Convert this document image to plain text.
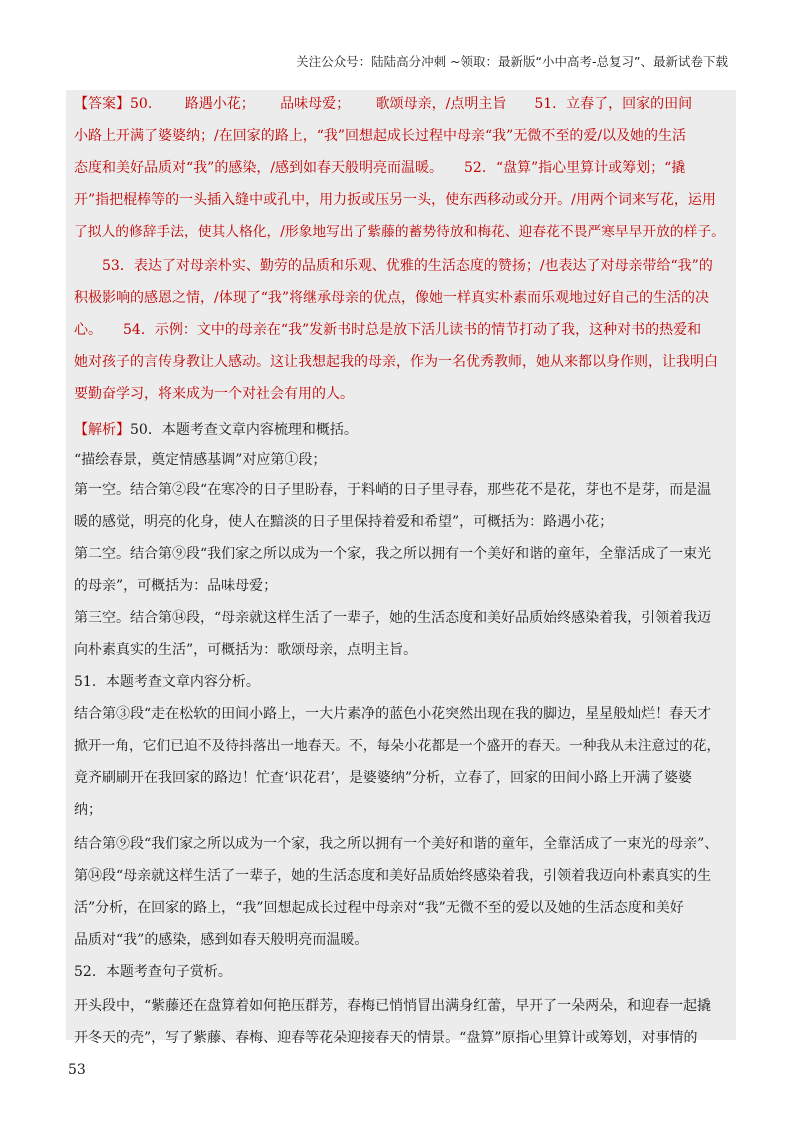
关注公众号：陆陆高分冲刺 ~领取：最新版“小中高考-总复习”、最新试卷下载
【答案】50.　　 路遇小花；　　 品味母爱；　　 歌颂母亲，/点明主旨　　51．立春了，回家的田间
小路上开满了婆婆纳；/在回家的路上，“我”回想起成长过程中母亲“我”无微不至的爱/以及她的生活
态度和美好品质对“我”的感染，/感到如春天般明亮而温暖。　　52．“盘算”指心里算计或筹划；“撬
开”指把棍棒等的一头插入缝中或孔中，用力扳或压另一头，使东西移动或分开。/用两个词来写花，运用
了拟人的修辞手法，使其人格化，/形象地写出了紫藤的蓄势待放和梅花、迎春花不畏严寒早早开放的样子。
　　53．表达了对母亲朴实、勤劳的品质和乐观、优雅的生活态度的赞扬；/也表达了对母亲带给“我”的
积极影响的感恩之情，/体现了“我”将继承母亲的优点，像她一样真实朴素而乐观地过好自己的生活的决
心。　　54．示例：文中的母亲在“我”发新书时总是放下活儿读书的情节打动了我，这种对书的热爱和
她对孩子的言传身教让人感动。这让我想起我的母亲，作为一名优秀教师，她从来都以身作则，让我明白
要勤奋学习，将来成为一个对社会有用的人。
【解析】50．本题考查文章内容梳理和概括。
“描绘春景，奠定情感基调”对应第①段；
第一空。结合第②段“在寒冷的日子里盼春，于料峭的日子里寻春，那些花不是花，芽也不是芽，而是温
暖的感觉，明亮的化身，使人在黯淡的日子里保持着爱和希望”，可概括为：路遇小花；
第二空。结合第⑨段“我们家之所以成为一个家，我之所以拥有一个美好和谐的童年，全靠活成了一束光
的母亲”，可概括为：品味母爱；
第三空。结合第⑭段，“母亲就这样生活了一辈子，她的生活态度和美好品质始终感染着我，引领着我迈
向朴素真实的生活”，可概括为：歌颂母亲，点明主旨。
51．本题考查文章内容分析。
结合第③段“走在松软的田间小路上，一大片素净的蓝色小花突然出现在我的脚边，星星般灿烂！春天才
掀开一角，它们已迫不及待抖落出一地春天。不，每朵小花都是一个盛开的春天。一种我从未注意过的花，
竟齐刷刷开在我回家的路边！忙查‘识花君’，是婆婆纳”分析，立春了，回家的田间小路上开满了婆婆
纳；
结合第⑨段“我们家之所以成为一个家，我之所以拥有一个美好和谐的童年，全靠活成了一束光的母亲”、
第⑭段“母亲就这样生活了一辈子，她的生活态度和美好品质始终感染着我，引领着我迈向朴素真实的生
活”分析，在回家的路上，“我”回想起成长过程中母亲对“我”无微不至的爱以及她的生活态度和美好
品质对“我”的感染，感到如春天般明亮而温暖。
52．本题考查句子赏析。
开头段中，“紫藤还在盘算着如何艳压群芳，春梅已悄悄冒出满身红蕾，早开了一朵两朵，和迎春一起撬
开冬天的壳”，写了紫藤、春梅、迎春等花朵迎接春天的情景。“盘算”原指心里算计或筹划，对事情的
53
